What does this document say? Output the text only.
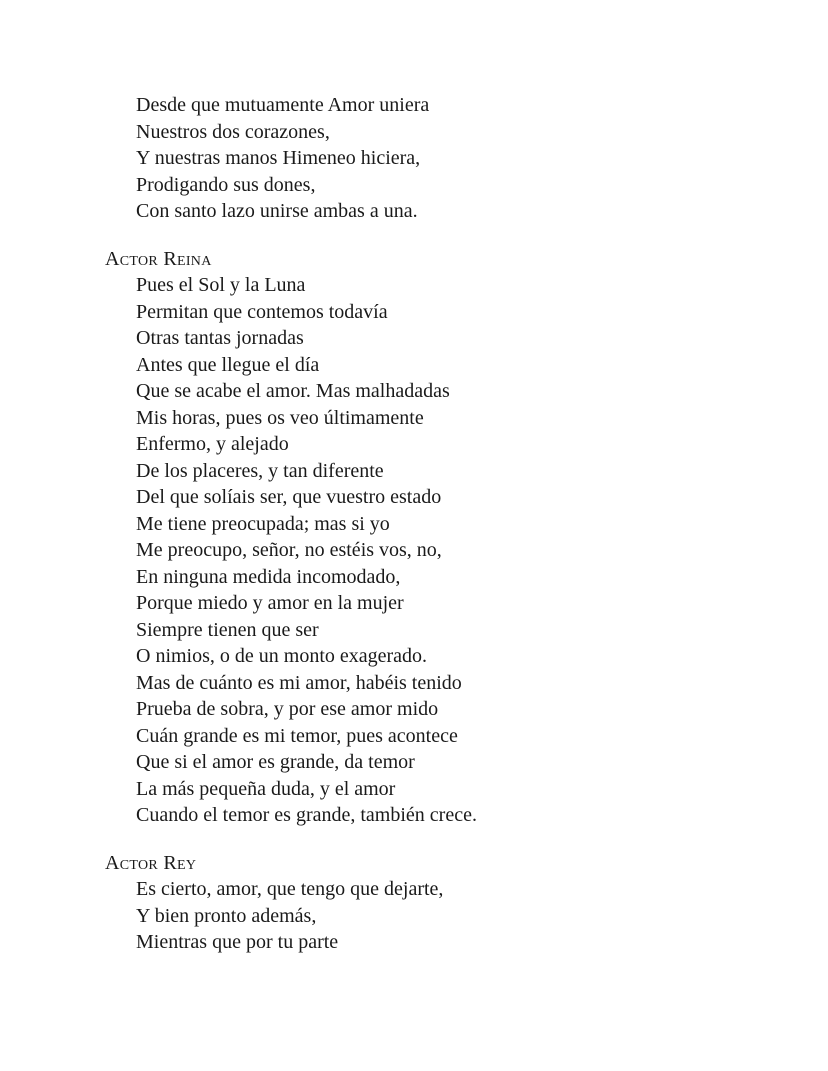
Desde que mutuamente Amor uniera
Nuestros dos corazones,
Y nuestras manos Himeneo hiciera,
Prodigando sus dones,
Con santo lazo unirse ambas a una.
Actor Reina
Pues el Sol y la Luna
Permitan que contemos todavía
Otras tantas jornadas
Antes que llegue el día
Que se acabe el amor. Mas malhadadas
Mis horas, pues os veo últimamente
Enfermo, y alejado
De los placeres, y tan diferente
Del que solíais ser, que vuestro estado
Me tiene preocupada; mas si yo
Me preocupo, señor, no estéis vos, no,
En ninguna medida incomodado,
Porque miedo y amor en la mujer
Siempre tienen que ser
O nimios, o de un monto exagerado.
Mas de cuánto es mi amor, habéis tenido
Prueba de sobra, y por ese amor mido
Cuán grande es mi temor, pues acontece
Que si el amor es grande, da temor
La más pequeña duda, y el amor
Cuando el temor es grande, también crece.
Actor Rey
Es cierto, amor, que tengo que dejarte,
Y bien pronto además,
Mientras que por tu parte
